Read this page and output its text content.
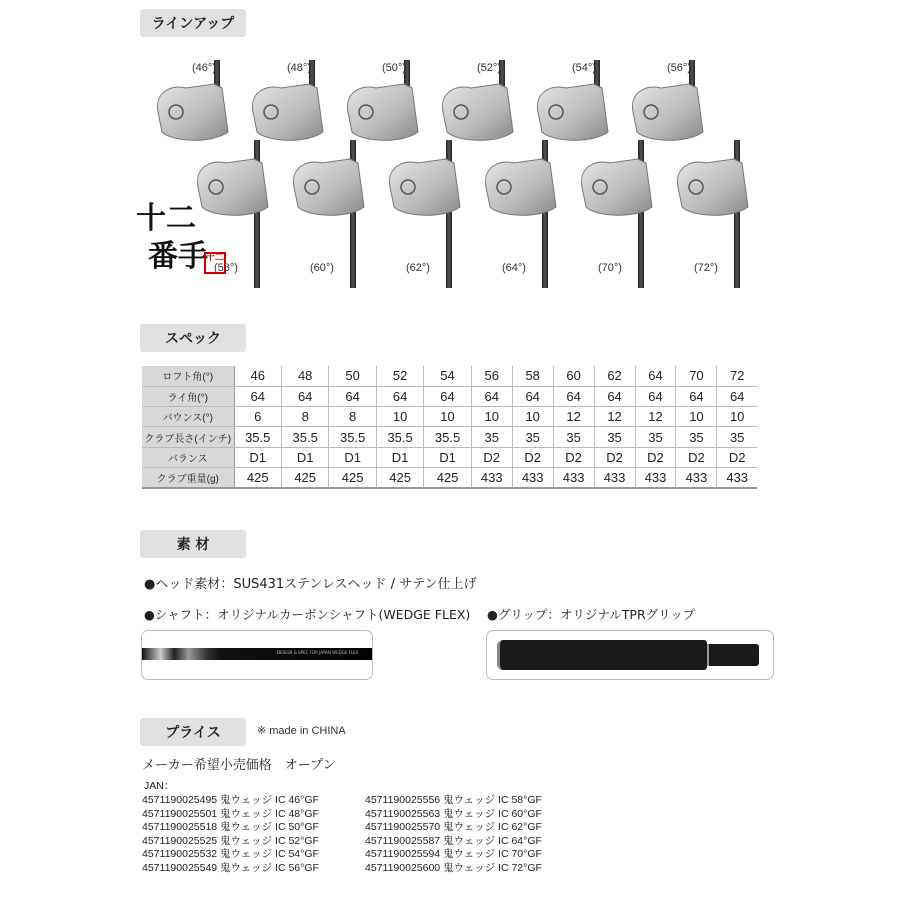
ラインアップ
(46°)	(48°)	(50°)	(52°)	(54°)	(56°)
(58°)	(60°)	(62°)	(64°)	(70°)	(72°)
十二
番手
十二
スペック
ロフト角(°)	46	48	50	52	54	56	58	60	62	64	70	72
ライ角(°)	64	64	64	64	64	64	64	64	64	64	64	64
バウンス(°)	6	8	8	10	10	10	10	12	12	12	10	10
クラブ長さ(インチ)	35.5	35.5	35.5	35.5	35.5	35	35	35	35	35	35	35
バランス	D1	D1	D1	D1	D1	D2	D2	D2	D2	D2	D2	D2
クラブ重量(g)	425	425	425	425	425	433	433	433	433	433	433	433
素 材
●ヘッド素材：SUS431ステンレスヘッド / サテン仕上げ
●シャフト：オリジナルカーボンシャフト(WEDGE FLEX) ●グリップ：オリジナルTPRグリップ
DESIGN & SPEC FOR JAPAN WEDGE FLEX
プライス	※ made in CHINA
メーカー希望小売価格　オープン
JAN：
4571190025495 鬼ウェッジ IC 46°GF
4571190025501 鬼ウェッジ IC 48°GF
4571190025518 鬼ウェッジ IC 50°GF
4571190025525 鬼ウェッジ IC 52°GF
4571190025532 鬼ウェッジ IC 54°GF
4571190025549 鬼ウェッジ IC 56°GF
4571190025556 鬼ウェッジ IC 58°GF
4571190025563 鬼ウェッジ IC 60°GF
4571190025570 鬼ウェッジ IC 62°GF
4571190025587 鬼ウェッジ IC 64°GF
4571190025594 鬼ウェッジ IC 70°GF
4571190025600 鬼ウェッジ IC 72°GF
